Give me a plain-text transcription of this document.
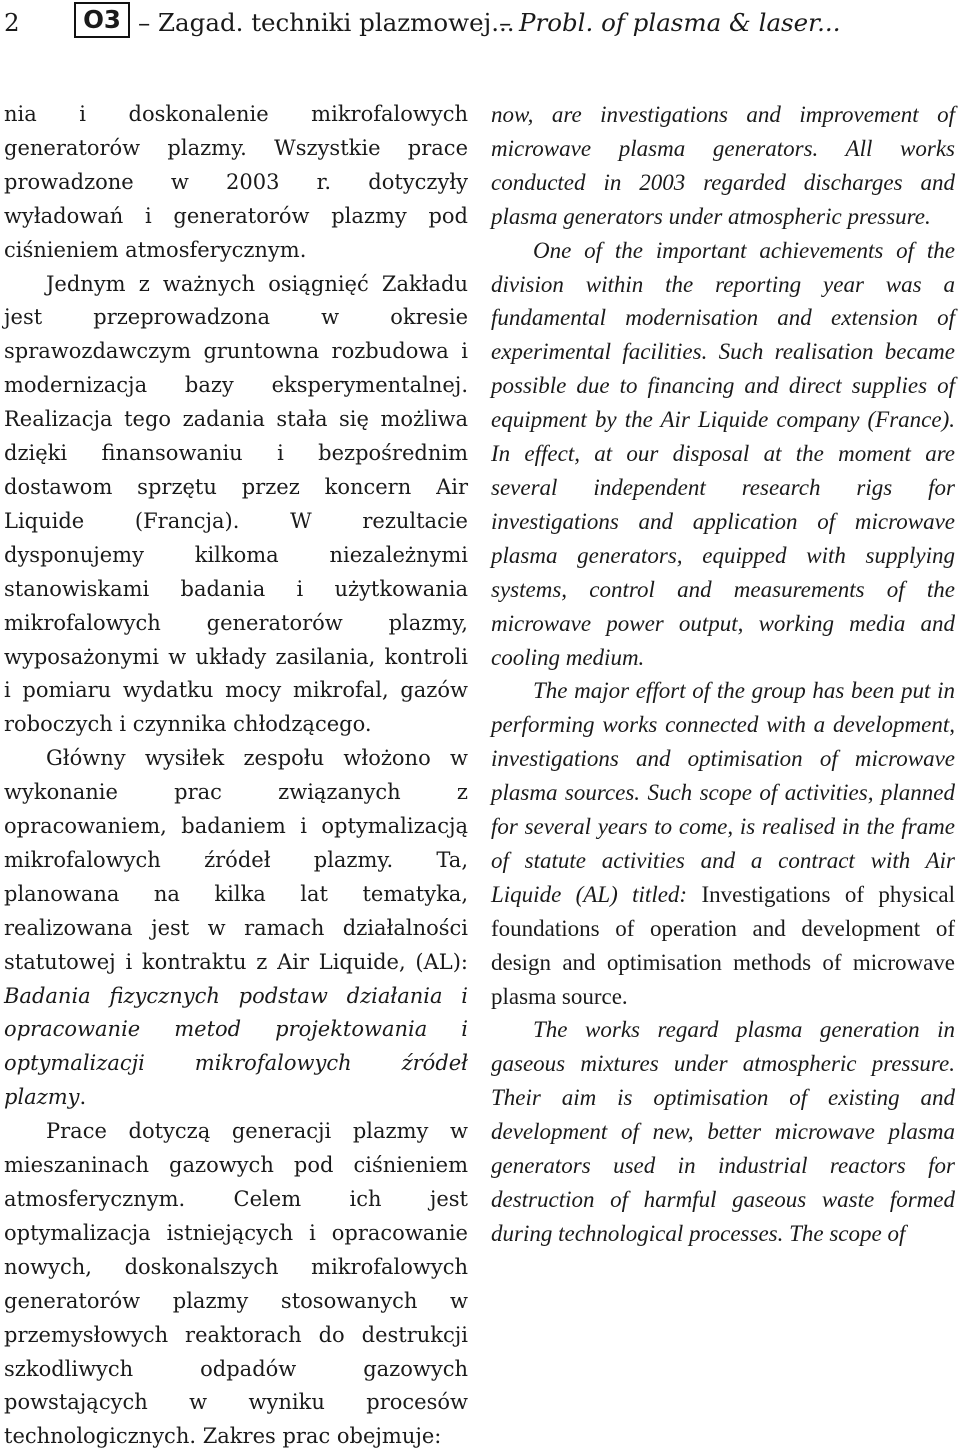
2	O3 – Zagad. techniki plazmowej...
– Probl. of plasma & laser...

nia i doskonalenie mikrofalowych generatorów plazmy. Wszystkie prace prowadzone w 2003 r. dotyczyły wyładowań i generatorów plazmy pod ciśnieniem atmosferycznym.

Jednym z ważnych osiągnięć Zakładu jest przeprowadzona w okresie sprawozdawczym gruntowna rozbudowa i modernizacja bazy eksperymentalnej. Realizacja tego zadania stała się możliwa dzięki finansowaniu i bezpośrednim dostawom sprzętu przez koncern Air Liquide (Francja). W rezultacie dysponujemy kilkoma niezależnymi stanowiskami badania i użytkowania mikrofalowych generatorów plazmy, wyposażonymi w układy zasilania, kontroli i pomiaru wydatku mocy mikrofal, gazów roboczych i czynnika chłodzącego.

Główny wysiłek zespołu włożono w wykonanie prac związanych z opracowaniem, badaniem i optymalizacją mikrofalowych źródeł plazmy. Ta, planowana na kilka lat tematyka, realizowana jest w ramach działalności statutowej i kontraktu z Air Liquide, (AL): Badania fizycznych podstaw działania i opracowanie metod projektowania i optymalizacji mikrofalowych źródeł plazmy.

Prace dotyczą generacji plazmy w mieszaninach gazowych pod ciśnieniem atmosferycznym. Celem ich jest optymalizacja istniejących i opracowanie nowych, doskonalszych mikrofalowych generatorów plazmy stosowanych w przemysłowych reaktorach do destrukcji szkodliwych odpadów gazowych powstających w wyniku procesów technologicznych. Zakres prac obejmuje:

now, are investigations and improvement of microwave plasma generators. All works conducted in 2003 regarded discharges and plasma generators under atmospheric pressure.

One of the important achievements of the division within the reporting year was a fundamental modernisation and extension of experimental facilities. Such realisation became possible due to financing and direct supplies of equipment by the Air Liquide company (France). In effect, at our disposal at the moment are several independent research rigs for investigations and application of microwave plasma generators, equipped with supplying systems, control and measurements of the microwave power output, working media and cooling medium.

The major effort of the group has been put in performing works connected with a development, investigations and optimisation of microwave plasma sources. Such scope of activities, planned for several years to come, is realised in the frame of statute activities and a contract with Air Liquide (AL) titled: Investigations of physical foundations of operation and development of design and optimisation methods of microwave plasma source.

The works regard plasma generation in gaseous mixtures under atmospheric pressure. Their aim is optimisation of existing and development of new, better microwave plasma generators used in industrial reactors for destruction of harmful gaseous waste formed during technological processes. The scope of
